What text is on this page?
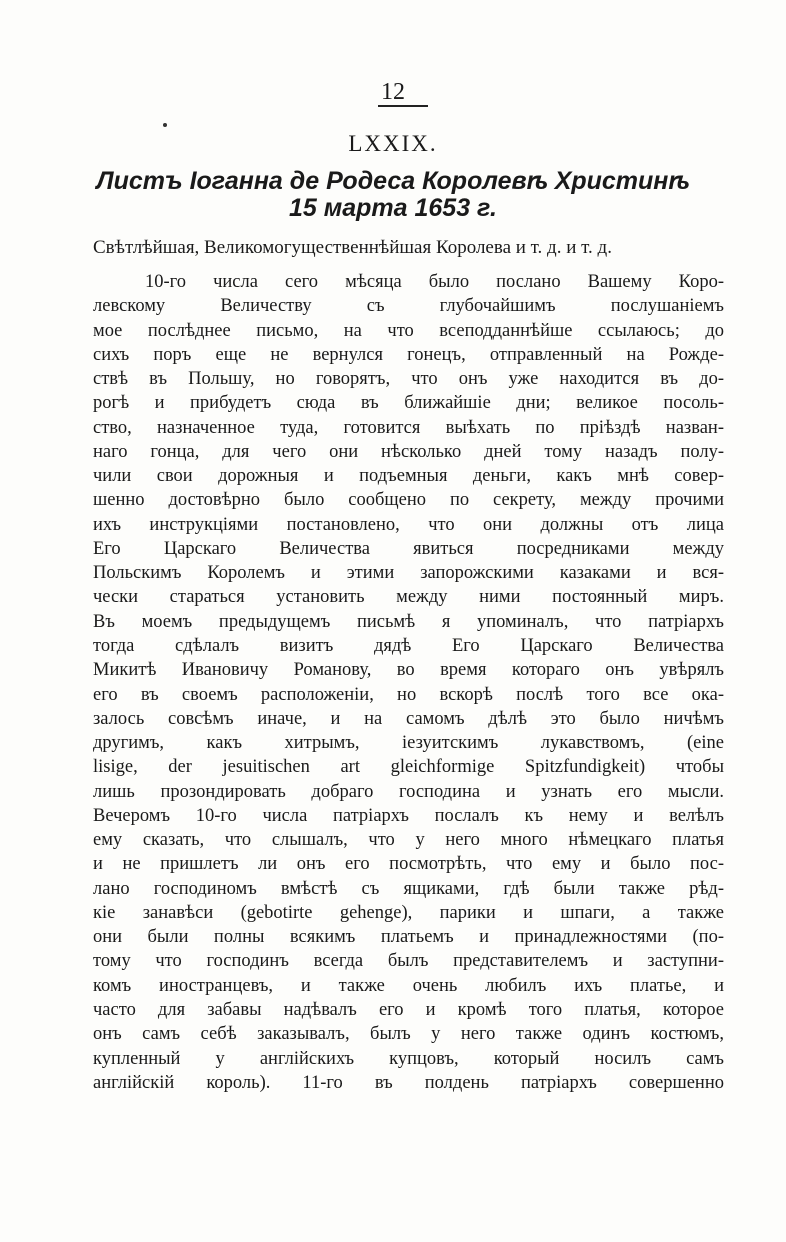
12
LXXIX.
Листъ Іоганна де Родеса Королевѣ Христинѣ
15 марта 1653 г.
Свѣтлѣйшая, Великомогущественнѣйшая Королева и т. д. и т. д.
10-го числа сего мѣсяца было послано Вашему Коро-
левскому Величеству съ глубочайшимъ послушаніемъ
мое послѣднее письмо, на что всеподданнѣйше ссылаюсь; до
сихъ поръ еще не вернулся гонецъ, отправленный на Рожде-
ствѣ въ Польшу, но говорятъ, что онъ уже находится въ до-
рогѣ и прибудетъ сюда въ ближайшіе дни; великое посоль-
ство, назначенное туда, готовится выѣхать по пріѣздѣ назван-
наго гонца, для чего они нѣсколько дней тому назадъ полу-
чили свои дорожныя и подъемныя деньги, какъ мнѣ совер-
шенно достовѣрно было сообщено по секрету, между прочими
ихъ инструкціями постановлено, что они должны отъ лица
Его Царскаго Величества явиться посредниками между
Польскимъ Королемъ и этими запорожскими казаками и вся-
чески стараться установить между ними постоянный миръ.
Въ моемъ предыдущемъ письмѣ я упоминалъ, что патріархъ
тогда сдѣлалъ визитъ дядѣ Его Царскаго Величества
Микитѣ Ивановичу Романову, во время котораго онъ увѣрялъ
его въ своемъ расположеніи, но вскорѣ послѣ того все ока-
залось совсѣмъ иначе, и на самомъ дѣлѣ это было ничѣмъ
другимъ, какъ хитрымъ, іезуитскимъ лукавствомъ, (eine
lisige, der jesuitischen art gleichformige Spitzfundigkeit) чтобы
лишь прозондировать добраго господина и узнать его мысли.
Вечеромъ 10-го числа патріархъ послалъ къ нему и велѣлъ
ему сказать, что слышалъ, что у него много нѣмецкаго платья
и не пришлетъ ли онъ его посмотрѣть, что ему и было пос-
лано господиномъ вмѣстѣ съ ящиками, гдѣ были также рѣд-
кіе занавѣси (gebotirte gehenge), парики и шпаги, а также
они были полны всякимъ платьемъ и принадлежностями (по-
тому что господинъ всегда былъ представителемъ и заступни-
комъ иностранцевъ, и также очень любилъ ихъ платье, и
часто для забавы надѣвалъ его и кромѣ того платья, которое
онъ самъ себѣ заказывалъ, былъ у него также одинъ костюмъ,
купленный у англійскихъ купцовъ, который носилъ самъ
англійскій король). 11-го въ полдень патріархъ совершенно
